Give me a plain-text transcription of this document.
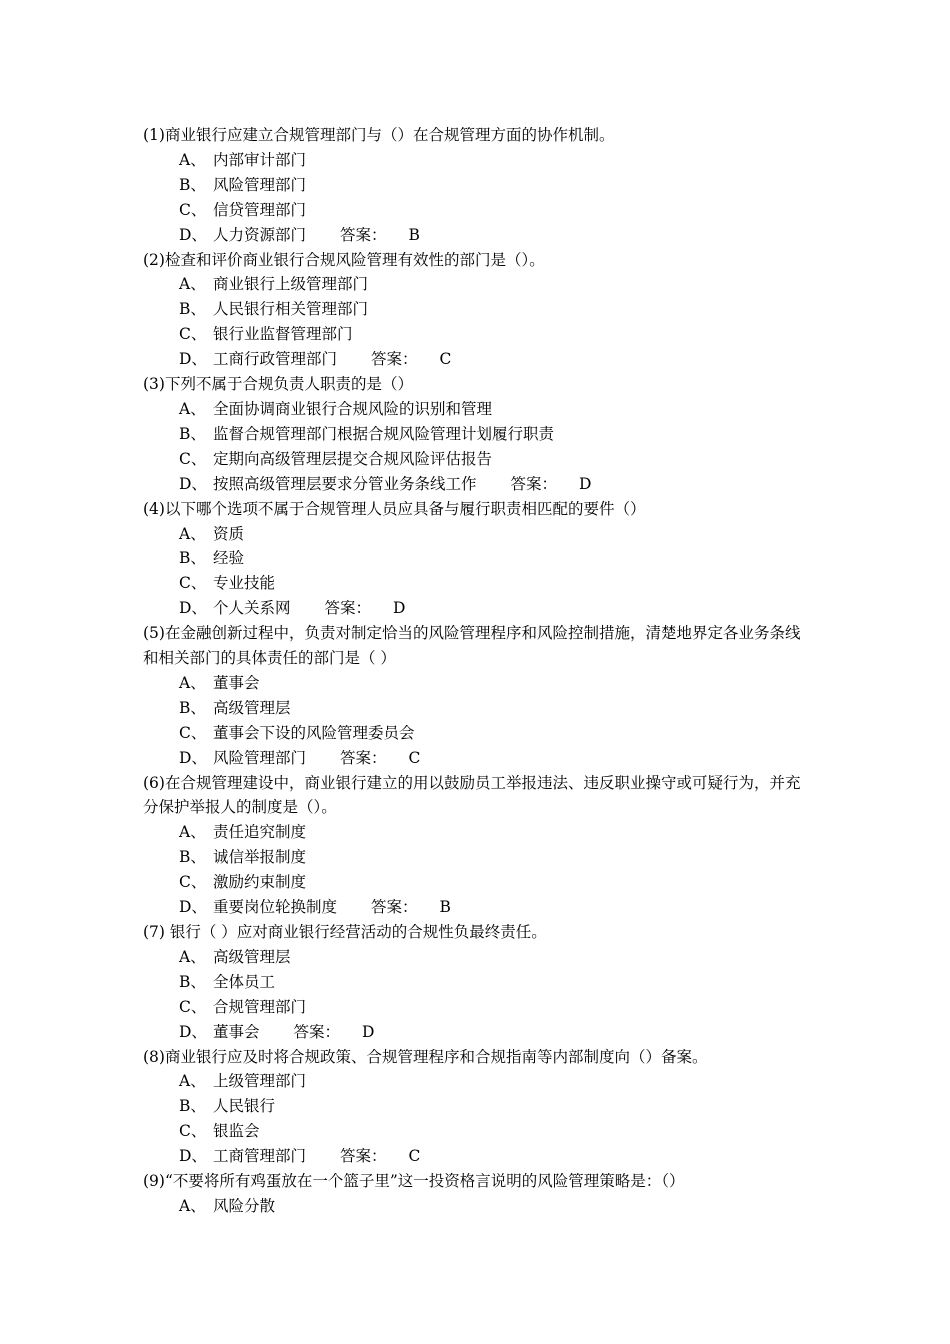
(1)商业银行应建立合规管理部门与（）在合规管理方面的协作机制。

A、 内部审计部门
B、 风险管理部门
C、 信贷管理部门
D、 人力资源部门 答案： B

(2)检查和评价商业银行合规风险管理有效性的部门是（）。

A、 商业银行上级管理部门
B、 人民银行相关管理部门
C、 银行业监督管理部门
D、 工商行政管理部门 答案： C

(3)下列不属于合规负责人职责的是（）

A、 全面协调商业银行合规风险的识别和管理
B、 监督合规管理部门根据合规风险管理计划履行职责
C、 定期向高级管理层提交合规风险评估报告
D、 按照高级管理层要求分管业务条线工作 答案： D

(4)以下哪个选项不属于合规管理人员应具备与履行职责相匹配的要件（）

A、 资质
B、 经验
C、 专业技能
D、 个人关系网 答案： D

(5)在金融创新过程中，负责对制定恰当的风险管理程序和风险控制措施，清楚地界定各业务条线和相关部门的具体责任的部门是（ ）

A、 董事会
B、 高级管理层
C、 董事会下设的风险管理委员会
D、 风险管理部门 答案： C

(6)在合规管理建设中，商业银行建立的用以鼓励员工举报违法、违反职业操守或可疑行为，并充分保护举报人的制度是（）。

A、 责任追究制度
B、 诚信举报制度
C、 激励约束制度
D、 重要岗位轮换制度 答案： B

(7) 银行（ ）应对商业银行经营活动的合规性负最终责任。

A、 高级管理层
B、 全体员工
C、 合规管理部门
D、 董事会 答案： D

(8)商业银行应及时将合规政策、合规管理程序和合规指南等内部制度向（）备案。

A、 上级管理部门
B、 人民银行
C、 银监会
D、 工商管理部门 答案： C

(9)“不要将所有鸡蛋放在一个篮子里”这一投资格言说明的风险管理策略是：（）

A、 风险分散
